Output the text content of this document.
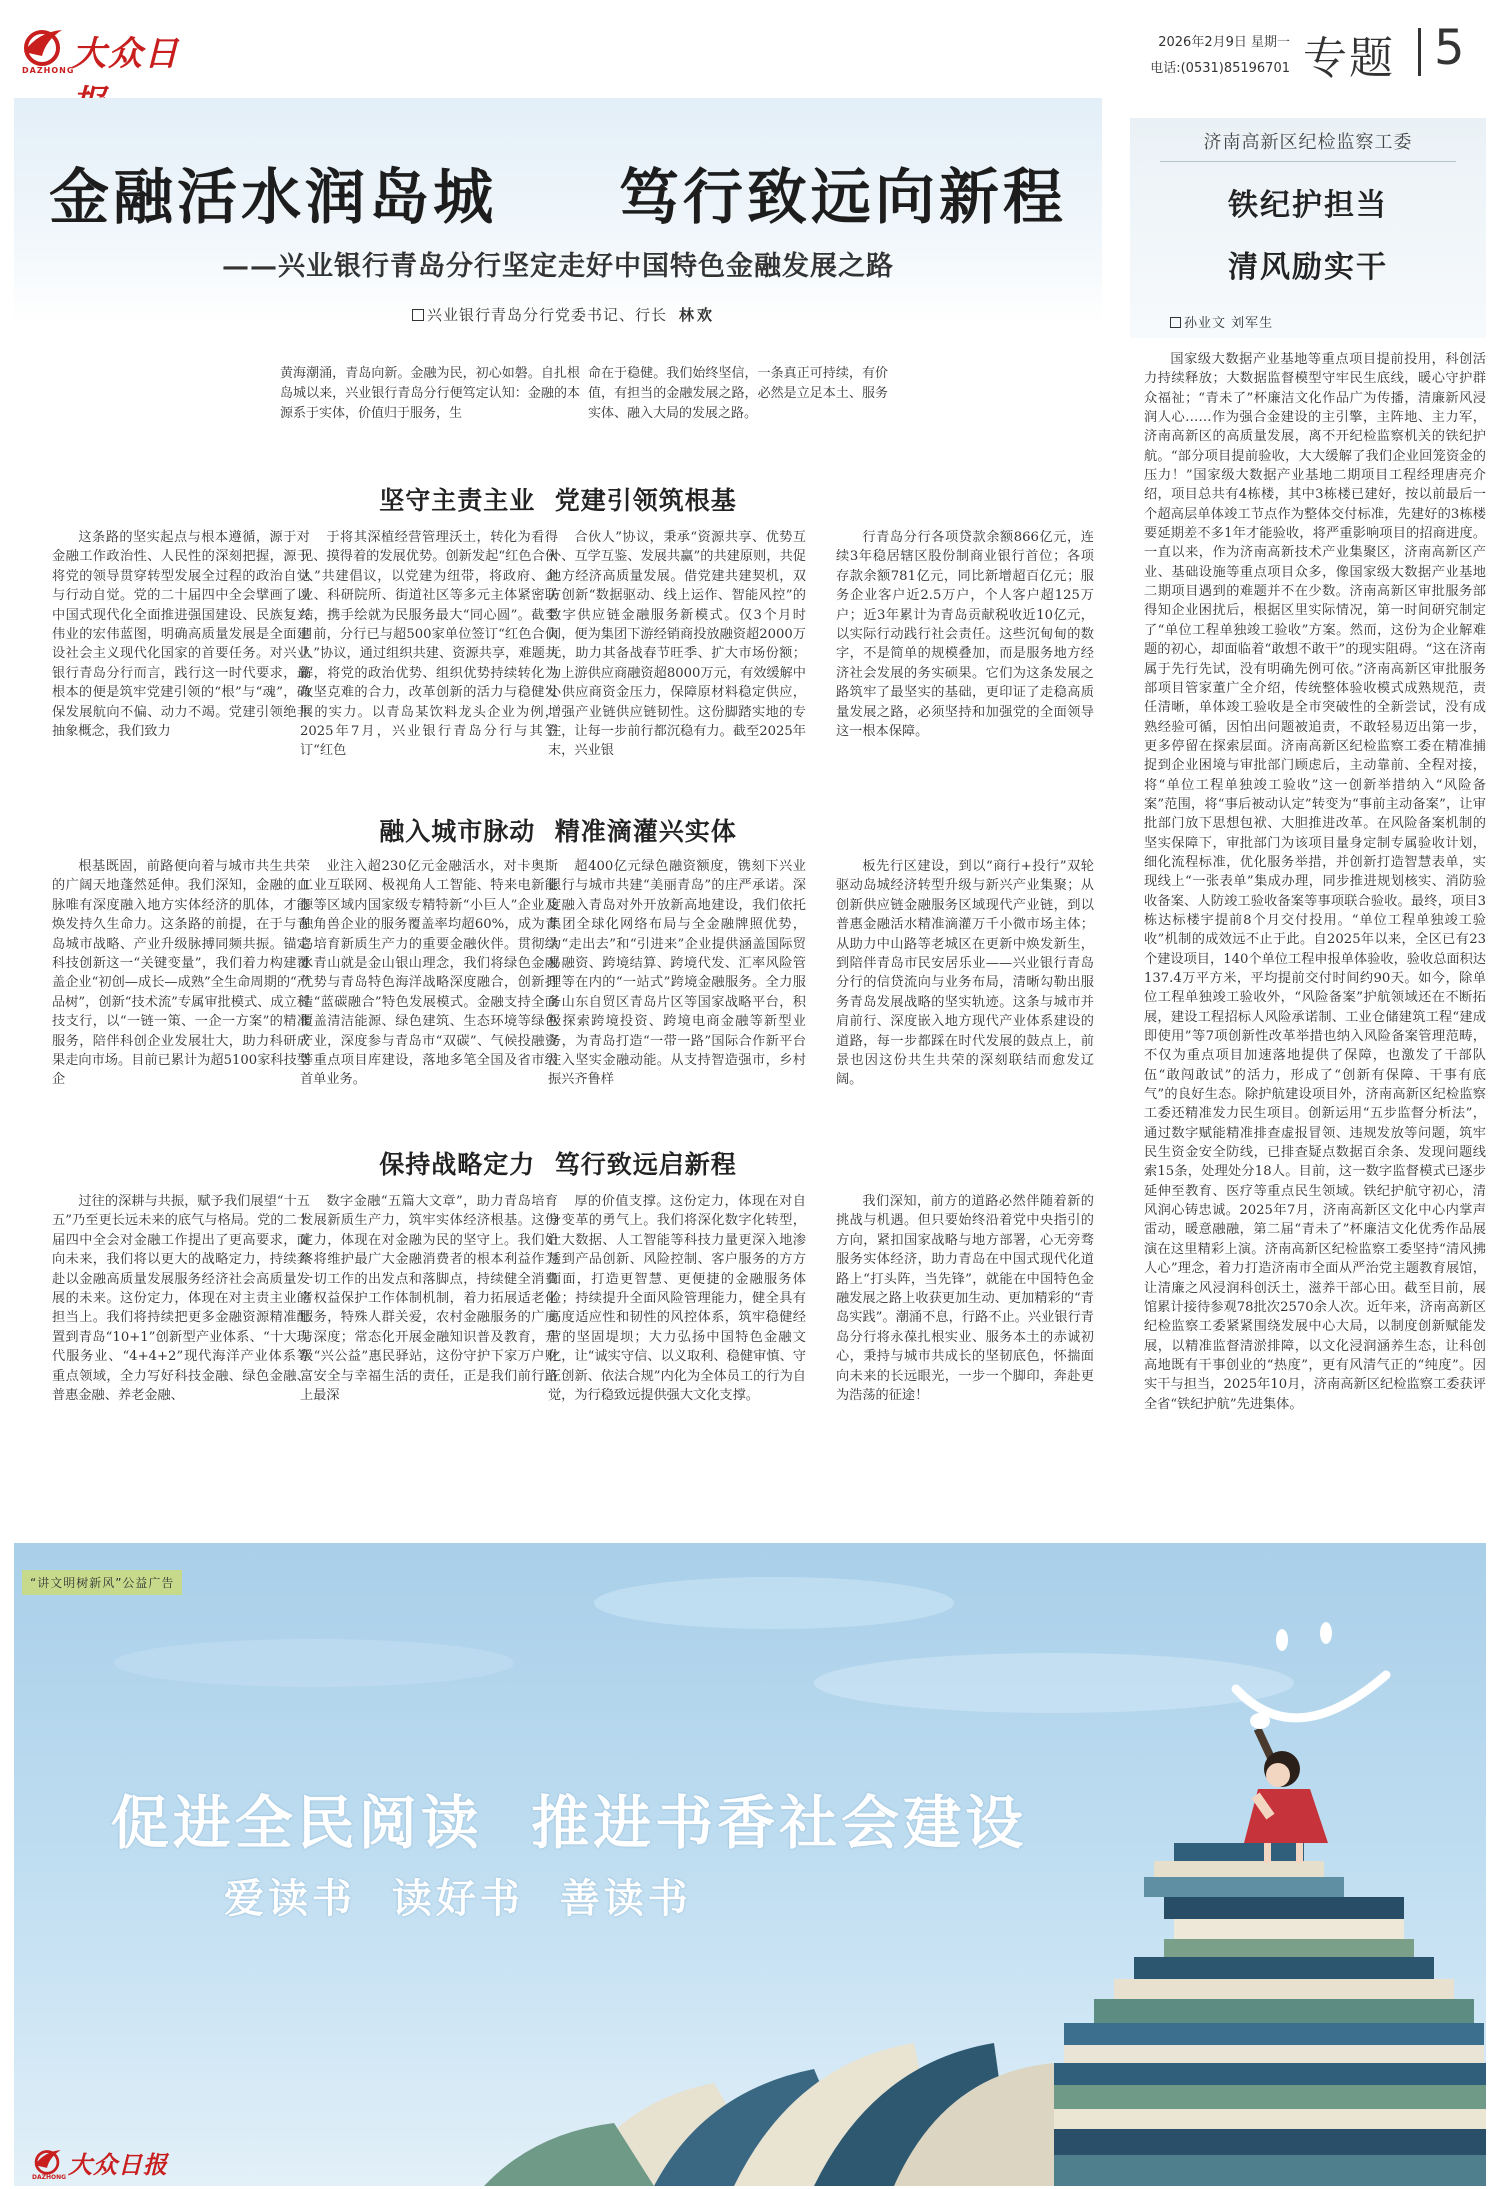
大众日
DAZHONG
2026年2月9日 星期一
电话:(0531)85196701 专题 5
金融活水润岛城  笃行致远向新程
——兴业银行青岛分行坚定走好中国特色金融发展之路
兴业银行青岛分行党委书记、行长 林欢

黄海潮涌，青岛向新。金融为民，初心如磐。自扎根岛城以来，兴业银行青岛分行便笃定认知：金融的本源系于实体，价值归于服务，生

命在于稳健。我们始终坚信，一条真正可持续，有价值，有担当的金融发展之路，必然是立足本土、服务实体、融入大局的发展之路。

坚守主责主业  党建引领筑根基

这条路的坚实起点与根本遵循，源于对金融工作政治性、人民性的深刻把握，源于将党的领导贯穿转型发展全过程的政治自觉与行动自觉。党的二十届四中全会擘画了以中国式现代化全面推进强国建设、民族复兴伟业的宏伟蓝图，明确高质量发展是全面建设社会主义现代化国家的首要任务。对兴业银行青岛分行而言，践行这一时代要求，最根本的便是筑牢党建引领的“根”与“魂”，确保发展航向不偏、动力不竭。党建引领绝非抽象概念，我们致力

于将其深植经营管理沃土，转化为看得见、摸得着的发展优势。创新发起“红色合伙人”共建倡议，以党建为纽带，将政府、企业、科研院所、街道社区等多元主体紧密联结，携手绘就为民服务最大“同心圆”。截至目前，分行已与超500家单位签订“红色合伙人”协议，通过组织共建、资源共享，难题共解，将党的政治优势、组织优势持续转化为攻坚克难的合力，改革创新的活力与稳健发展的实力。以青岛某饮料龙头企业为例，2025年7月，兴业银行青岛分行与其签订“红色

合伙人”协议，秉承“资源共享、优势互补、互学互鉴、发展共赢”的共建原则，共促地方经济高质量发展。借党建共建契机，双方创新“数据驱动、线上运作、智能风控”的数字供应链金融服务新模式。仅3个月时间，便为集团下游经销商投放融资超2000万元，助力其备战春节旺季、扩大市场份额；为上游供应商融资超8000万元，有效缓解中小供应商资金压力，保障原材料稳定供应，增强产业链供应链韧性。这份脚踏实地的专注，让每一步前行都沉稳有力。截至2025年末，兴业银

行青岛分行各项贷款余额866亿元，连续3年稳居辖区股份制商业银行首位；各项存款余额781亿元，同比新增超百亿元；服务企业客户近2.5万户，个人客户超125万户；近3年累计为青岛贡献税收近10亿元，以实际行动践行社会责任。这些沉甸甸的数字，不是简单的规模叠加，而是服务地方经济社会发展的务实硕果。它们为这条发展之路筑牢了最坚实的基础，更印证了走稳高质量发展之路，必须坚持和加强党的全面领导这一根本保障。

融入城市脉动  精准滴灌兴实体

根基既固，前路便向着与城市共生共荣的广阔天地蓬然延伸。我们深知，金融的血脉唯有深度融入地方实体经济的肌体，才能焕发持久生命力。这条路的前提，在于与青岛城市战略、产业升级脉搏同频共振。锚定科技创新这一“关键变量”，我们着力构建覆盖企业“初创—成长—成熟”全生命周期的“产品树”，创新“技术流”专属审批模式、成立科技支行，以“一链一策、一企一方案”的精准服务，陪伴科创企业发展壮大，助力科研成果走向市场。目前已累计为超5100家科技型企

业注入超230亿元金融活水，对卡奥斯工业互联网、极视角人工智能、特来电新能源等区域内国家级专精特新“小巨人”企业及独角兽企业的服务覆盖率均超60%，成为青岛培育新质生产力的重要金融伙伴。贯彻绿水青山就是金山银山理念，我们将绿色金融优势与青岛特色海洋战略深度融合，创新打造“蓝碳融合”特色发展模式。金融支持全面覆盖清洁能源、绿色建筑、生态环境等绿色产业，深度参与青岛市“双碳”、气候投融资等重点项目库建设，落地多笔全国及省市级首单业务。

超400亿元绿色融资额度，镌刻下兴业银行与城市共建“美丽青岛”的庄严承诺。深度融入青岛对外开放新高地建设，我们依托集团全球化网络布局与全金融牌照优势，为“走出去”和“引进来”企业提供涵盖国际贸易融资、跨境结算、跨境代发、汇率风险管理等在内的“一站式”跨境金融服务。全力服务山东自贸区青岛片区等国家战略平台，积极探索跨境投资、跨境电商金融等新型业务，为青岛打造“一带一路”国际合作新平台注入坚实金融动能。从支持智造强市，乡村振兴齐鲁样

板先行区建设，到以“商行+投行”双轮驱动岛城经济转型升级与新兴产业集聚；从创新供应链金融服务区域现代产业链，到以普惠金融活水精准滴灌万千小微市场主体；从助力中山路等老城区在更新中焕发新生，到陪伴青岛市民安居乐业——兴业银行青岛分行的信贷流向与业务布局，清晰勾勒出服务青岛发展战略的坚实轨迹。这条与城市并肩前行、深度嵌入地方现代产业体系建设的道路，每一步都踩在时代发展的鼓点上，前景也因这份共生共荣的深刻联结而愈发辽阔。

保持战略定力  笃行致远启新程

过往的深耕与共振，赋予我们展望“十五五”乃至更长远未来的底气与格局。党的二十届四中全会对金融工作提出了更高要求，面向未来，我们将以更大的战略定力，持续奔赴以金融高质量发展服务经济社会高质量发展的未来。这份定力，体现在对主责主业的担当上。我们将持续把更多金融资源精准配置到青岛“10+1”创新型产业体系、“十大现代服务业、“4+4+2”现代海洋产业体系等重点领域，全力写好科技金融、绿色金融、普惠金融、养老金融、

数字金融“五篇大文章”，助力青岛培育发展新质生产力，筑牢实体经济根基。这份定力，体现在对金融为民的坚守上。我们始终将维护最广大金融消费者的根本利益作为一切工作的出发点和落脚点，持续健全消费者权益保护工作体制机制，着力拓展适老化服务，特殊人群关爱，农村金融服务的广度与深度；常态化开展金融知识普及教育，升级“兴公益”惠民驿站，这份守护下家万户财富安全与幸福生活的责任，正是我们前行路上最深

厚的价值支撑。这份定力，体现在对自身变革的勇气上。我们将深化数字化转型，让大数据、人工智能等科技力量更深入地渗透到产品创新、风险控制、客户服务的方方面面，打造更智慧、更便捷的金融服务体验；持续提升全面风险管理能力，健全具有高度适应性和韧性的风控体系，筑牢稳健经营的坚固堤坝；大力弘扬中国特色金融文化，让“诚实守信、以义取利、稳健审慎、守正创新、依法合规”内化为全体员工的行为自觉，为行稳致远提供强大文化支撑。

我们深知，前方的道路必然伴随着新的挑战与机遇。但只要始终沿着党中央指引的方向，紧扣国家战略与地方部署，心无旁骛服务实体经济，助力青岛在中国式现代化道路上“打头阵，当先锋”，就能在中国特色金融发展之路上收获更加生动、更加精彩的“青岛实践”。潮涌不息，行路不止。兴业银行青岛分行将永葆扎根实业、服务本土的赤诚初心，秉持与城市共成长的坚韧底色，怀揣面向未来的长远眼光，一步一个脚印，奔赴更为浩荡的征途！

济南高新区纪检监察工委
铁纪护担当
清风励实干
孙业文 刘军生

国家级大数据产业基地等重点项目提前投用，科创活力持续释放；大数据监督模型守牢民生底线，暖心守护群众福祉；“青未了”杯廉洁文化作品广为传播，清廉新风浸润人心……作为强合金建设的主引擎，主阵地、主力军，济南高新区的高质量发展，离不开纪检监察机关的铁纪护航。“部分项目提前验收，大大缓解了我们企业回笼资金的压力！”国家级大数据产业基地二期项目工程经理唐亮介绍，项目总共有4栋楼，其中3栋楼已建好，按以前最后一个超高层单体竣工节点作为整体交付标准，先建好的3栋楼要延期差不多1年才能验收，将严重影响项目的招商进度。一直以来，作为济南高新技术产业集聚区，济南高新区产业、基础设施等重点项目众多，像国家级大数据产业基地二期项目遇到的难题并不在少数。济南高新区审批服务部得知企业困扰后，根据区里实际情况，第一时间研究制定了“单位工程单独竣工验收”方案。然而，这份为企业解难题的初心，却面临着“敢想不敢干”的现实阻碍。“这在济南属于先行先试，没有明确先例可依。”济南高新区审批服务部项目管家董广全介绍，传统整体验收模式成熟规范，责任清晰，单体竣工验收是全市突破性的全新尝试，没有成熟经验可循，因怕出问题被追责，不敢轻易迈出第一步，更多停留在探索层面。济南高新区纪检监察工委在精准捕捉到企业困境与审批部门顾虑后，主动靠前、全程对接，将“单位工程单独竣工验收”这一创新举措纳入“风险备案”范围，将“事后被动认定”转变为“事前主动备案”，让审批部门放下思想包袱、大胆推进改革。在风险备案机制的坚实保障下，审批部门为该项目量身定制专属验收计划，细化流程标准，优化服务举措，并创新打造智慧表单，实现线上“一张表单”集成办理，同步推进规划核实、消防验收备案、人防竣工验收备案等事项联合验收。最终，项目3栋达标楼宇提前8个月交付投用。“单位工程单独竣工验收”机制的成效远不止于此。自2025年以来，全区已有23个建设项目，140个单位工程申报单体验收，验收总面积达137.4万平方米，平均提前交付时间约90天。如今，除单位工程单独竣工验收外，“风险备案”护航领域还在不断拓展，建设工程招标人风险承诺制、工业仓储建筑工程“建成即使用”等7项创新性改革举措也纳入风险备案管理范畴，不仅为重点项目加速落地提供了保障，也激发了干部队伍“敢闯敢试”的活力，形成了“创新有保障、干事有底气”的良好生态。除护航建设项目外，济南高新区纪检监察工委还精准发力民生项目。创新运用“五步监督分析法”，通过数字赋能精准排查虚报冒领、违规发放等问题，筑牢民生资金安全防线，已排查疑点数据百余条、发现问题线索15条，处理处分18人。目前，这一数字监督模式已逐步延伸至教育、医疗等重点民生领域。铁纪护航守初心，清风润心铸忠诚。2025年7月，济南高新区文化中心内掌声雷动，暖意融融，第二届“青未了”杯廉洁文化优秀作品展演在这里精彩上演。济南高新区纪检监察工委坚持“清风拂人心”理念，着力打造济南市全面从严治党主题教育展馆，让清廉之风浸润科创沃土，滋养干部心田。截至目前，展馆累计接待参观78批次2570余人次。近年来，济南高新区纪检监察工委紧紧围绕发展中心大局，以制度创新赋能发展，以精准监督清淤排障，以文化浸润涵养生态，让科创高地既有干事创业的“热度”，更有风清气正的“纯度”。因实干与担当，2025年10月，济南高新区纪检监察工委获评全省“铁纪护航”先进集体。

“讲文明树新风”公益广告
促进全民阅读  推进书香社会建设
爱读书  读好书  善读书
大众日报
DAZHONG
